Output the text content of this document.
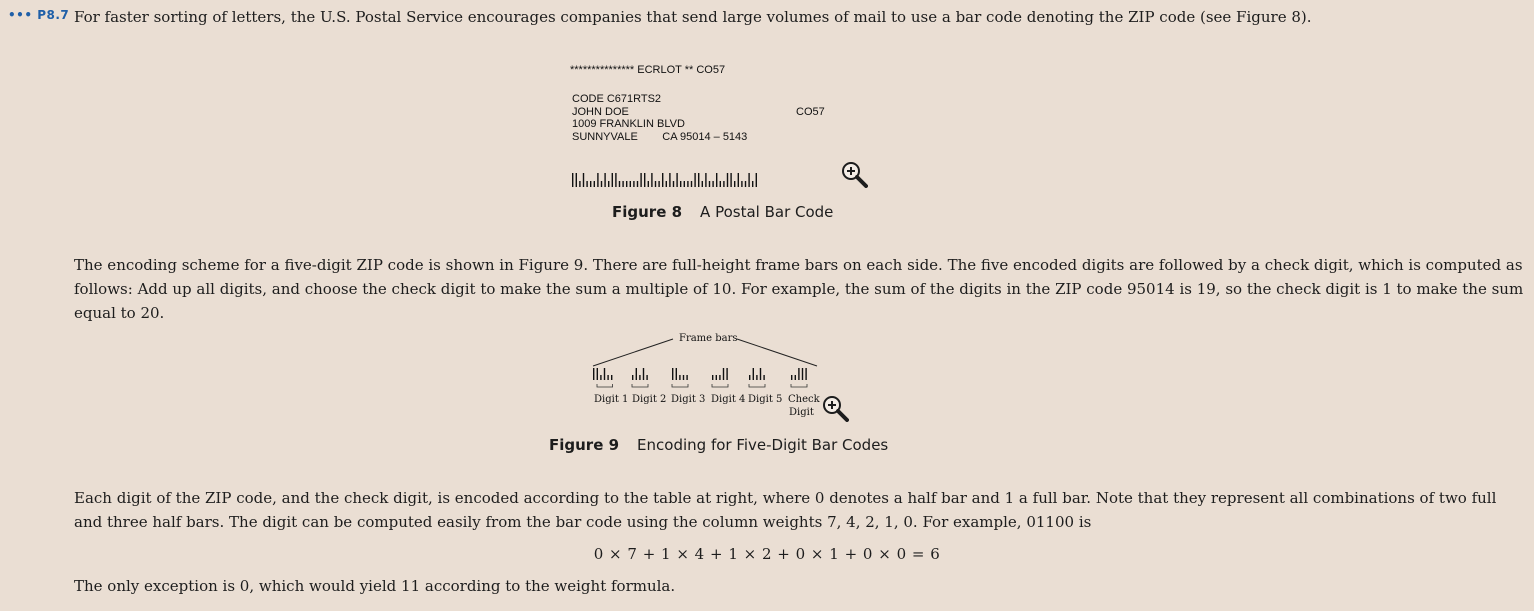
••• P8.7 For faster sorting of letters, the U.S. Postal Service encourages companies that send large volumes of mail to use a bar code denoting the ZIP code (see Figure 8).
*************** ECRLOT ** CO57
CODE C671RTS2
JOHN DOE	CO57
1009 FRANKLIN BLVD
SUNNYVALE        CA 95014 – 5143
Figure 8 A Postal Bar Code
The encoding scheme for a five-digit ZIP code is shown in Figure 9. There are full-height frame bars on each side. The five encoded digits are followed by a check digit, which is computed as follows: Add up all digits, and choose the check digit to make the sum a multiple of 10. For example, the sum of the digits in the ZIP code 95014 is 19, so the check digit is 1 to make the sum equal to 20.
Frame bars
Digit 1 Digit 2 Digit 3 Digit 4 Digit 5 Check
Digit
Figure 9 Encoding for Five-Digit Bar Codes
Each digit of the ZIP code, and the check digit, is encoded according to the table at right, where 0 denotes a half bar and 1 a full bar. Note that they represent all combinations of two full and three half bars. The digit can be computed easily from the bar code using the column weights 7, 4, 2, 1, 0. For example, 01100 is
0 × 7 + 1 × 4 + 1 × 2 + 0 × 1 + 0 × 0 = 6
The only exception is 0, which would yield 11 according to the weight formula.
